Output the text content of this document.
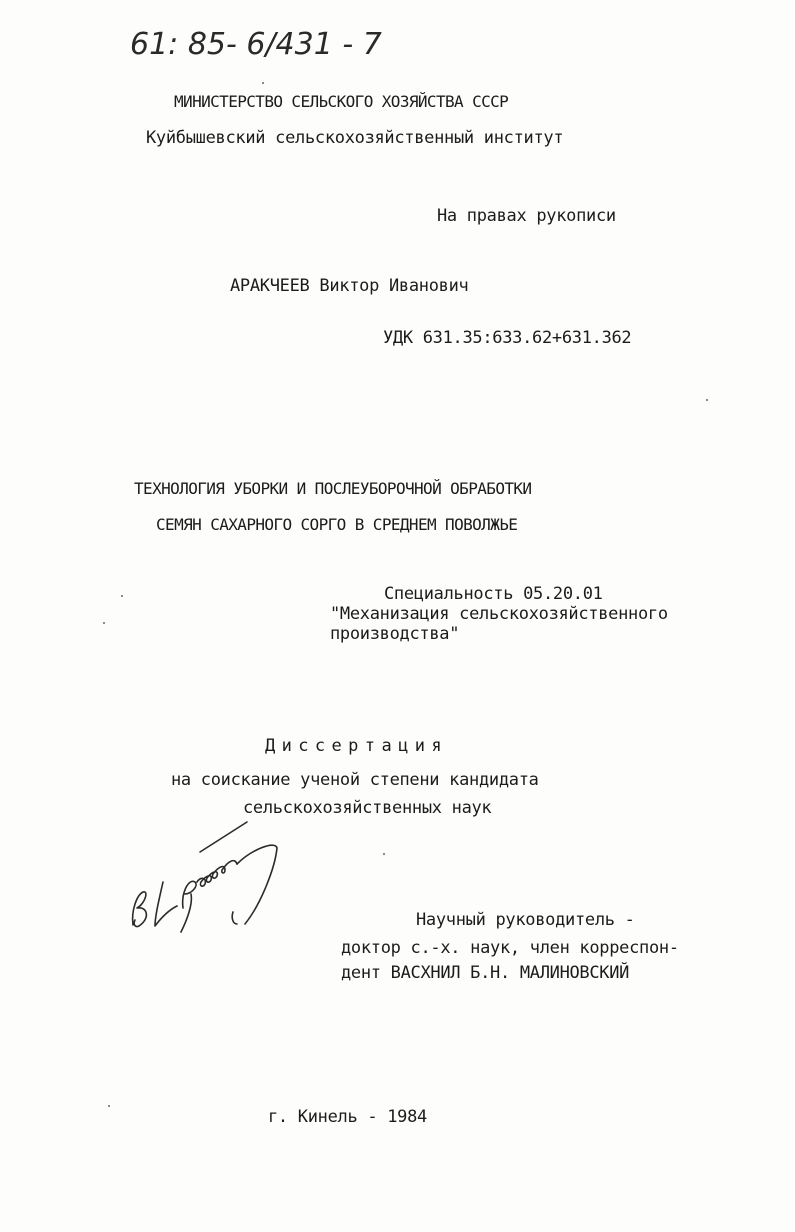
61: 85- 6/431 - 7
МИНИСТЕРСТВО СЕЛЬСКОГО ХОЗЯЙСТВА СССР
Куйбышевский сельскохозяйственный институт
На правах рукописи
АРАКЧЕЕВ Виктор Иванович
УДК 631.35:633.62+631.362
ТЕХНОЛОГИЯ УБОРКИ И ПОСЛЕУБОРОЧНОЙ ОБРАБОТКИ
СЕМЯН САХАРНОГО СОРГО В СРЕДНЕМ ПОВОЛЖЬЕ
Специальность 05.20.01
"Механизация сельскохозяйственного
производства"
Диссертация
на соискание ученой степени кандидата
сельскохозяйственных наук
Научный руководитель -
доктор с.-х. наук, член корреспон-
дент ВАСХНИЛ Б.Н. МАЛИНОВСКИЙ
г. Кинель - 1984
